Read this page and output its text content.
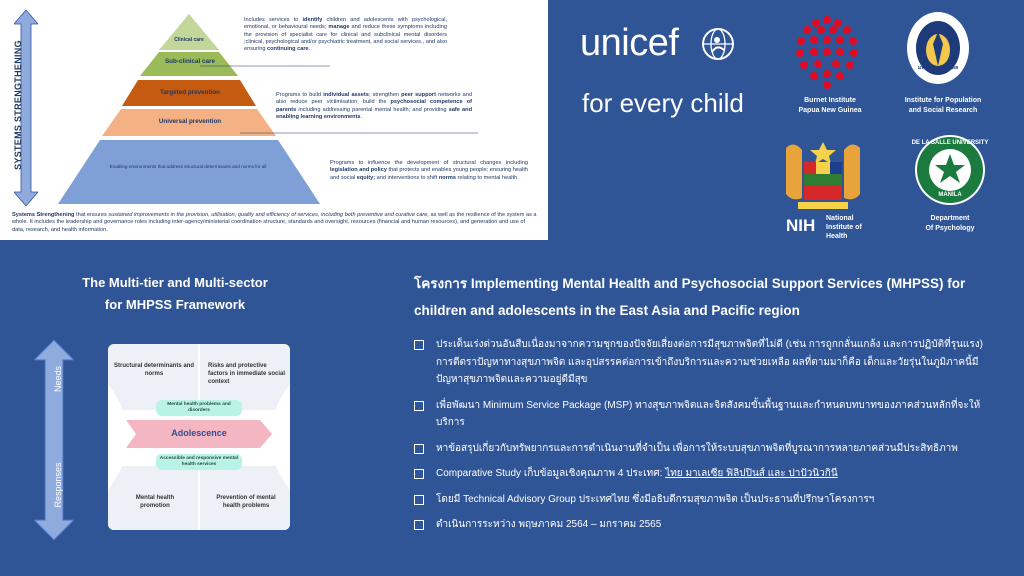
SYSTEMS STRENGTHENING
Clinical care
Sub-clinical care
Targeted prevention
Universal prevention
Enabling environments that address structural determinants and norms for all
Includes services to identify children and adolescents with psychological, emotional, or behavioural needs; manage and reduce these symptoms including the provision of specialist care for clinical and subclinical mental disorders ;clinical, psychological and/or psychiatric treatment, and social services., and also ensuring continuing care.
Programs to build individual assets; strengthen peer support networks and also reduce peer victimisation; build the psychosocial competence of parents including addressing parental mental health; and providing safe and enabling learning environments.
Programs to influence the development of structural changes including legislation and policy that protects and enables young people; ensuring health and social equity; and interventions to shift norms relating to mental health.
Systems Strengthening that ensures sustained improvements in the provision, utilisation, quality and efficiency of services, including both preventive and curative care, as well as the resilience of the system as a whole. It includes the leadership and governance roles including inter-agency/ministerial coordination structure, standards and oversight, resources (financial and human resources), and generation and use of data, research, and health information.
unicef
for every child	Burnet Institute
Papua New Guinea
มหาวิทยาลัยมหิดล
Institute for Population
and Social Research
NIH National
Institute of
Health
DE LA SALLE UNIVERSITY
MANILA
Department
Of Psychology
The Multi-tier and Multi-sector
for MHPSS Framework
Needs
Responses
Structural determinants and norms
Risks and protective factors in immediate social context
Mental health promotion
Prevention of mental health problems
Mental health problems and disorders
Adolescence
Accessible and responsive mental health services
โครงการ Implementing Mental Health and Psychosocial Support Services (MHPSS) for
children and adolescents in the East Asia and Pacific region
ประเด็นเร่งด่วนอันสืบเนื่องมาจากความชุกของปัจจัยเสี่ยงต่อการมีสุขภาพจิตที่ไม่ดี (เช่น การถูกกลั่นแกล้ง และการปฏิบัติที่รุนแรง) การตีตราปัญหาทางสุขภาพจิต และอุปสรรคต่อการเข้าถึงบริการและความช่วยเหลือ ผลที่ตามมาก็คือ เด็กและวัยรุ่นในภูมิภาคนี้มีปัญหาสุขภาพจิตและความอยู่ดีมีสุข
เพื่อพัฒนา Minimum Service Package (MSP) ทางสุขภาพจิตและจิตสังคมขั้นพื้นฐานและกำหนดบทบาทของภาคส่วนหลักที่จะให้บริการ
หาข้อสรุปเกี่ยวกับทรัพยากรและการดำเนินงานที่จำเป็น เพื่อการให้ระบบสุขภาพจิตที่บูรณาการหลายภาคส่วนมีประสิทธิภาพ
Comparative Study เก็บข้อมูลเชิงคุณภาพ 4 ประเทศ: ไทย มาเลเซีย ฟิลิปปินส์ และ ปาปัวนิวกินี
โดยมี Technical Advisory Group ประเทศไทย ซึ่งมีอธิบดีกรมสุขภาพจิต เป็นประธานที่ปรึกษาโครงการฯ
ดำเนินการระหว่าง พฤษภาคม 2564 – มกราคม 2565
